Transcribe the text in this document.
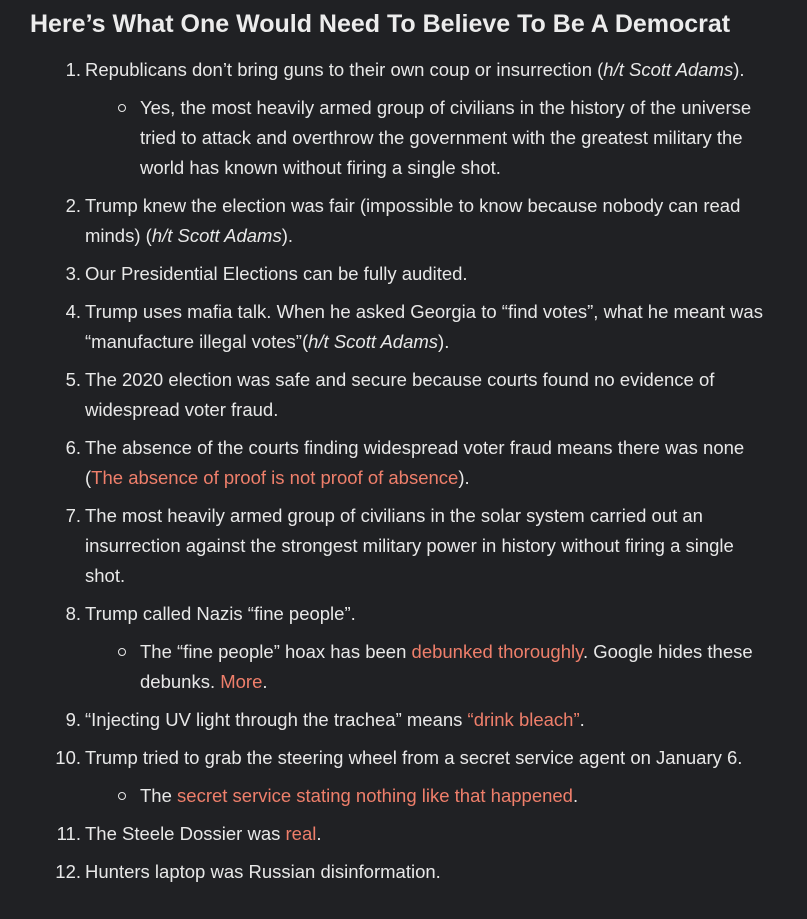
Here’s What One Would Need To Believe To Be A Democrat
1. Republicans don’t bring guns to their own coup or insurrection (h/t Scott Adams).
Yes, the most heavily armed group of civilians in the history of the universe tried to attack and overthrow the government with the greatest military the world has known without firing a single shot.
2. Trump knew the election was fair (impossible to know because nobody can read minds) (h/t Scott Adams).
3. Our Presidential Elections can be fully audited.
4. Trump uses mafia talk. When he asked Georgia to “find votes”, what he meant was “manufacture illegal votes”(h/t Scott Adams).
5. The 2020 election was safe and secure because courts found no evidence of widespread voter fraud.
6. The absence of the courts finding widespread voter fraud means there was none (The absence of proof is not proof of absence).
7. The most heavily armed group of civilians in the solar system carried out an insurrection against the strongest military power in history without firing a single shot.
8. Trump called Nazis “fine people”.
The “fine people” hoax has been debunked thoroughly. Google hides these debunks. More.
9. “Injecting UV light through the trachea” means “drink bleach”.
10. Trump tried to grab the steering wheel from a secret service agent on January 6.
The secret service stating nothing like that happened.
11. The Steele Dossier was real.
12. Hunters laptop was Russian disinformation.
